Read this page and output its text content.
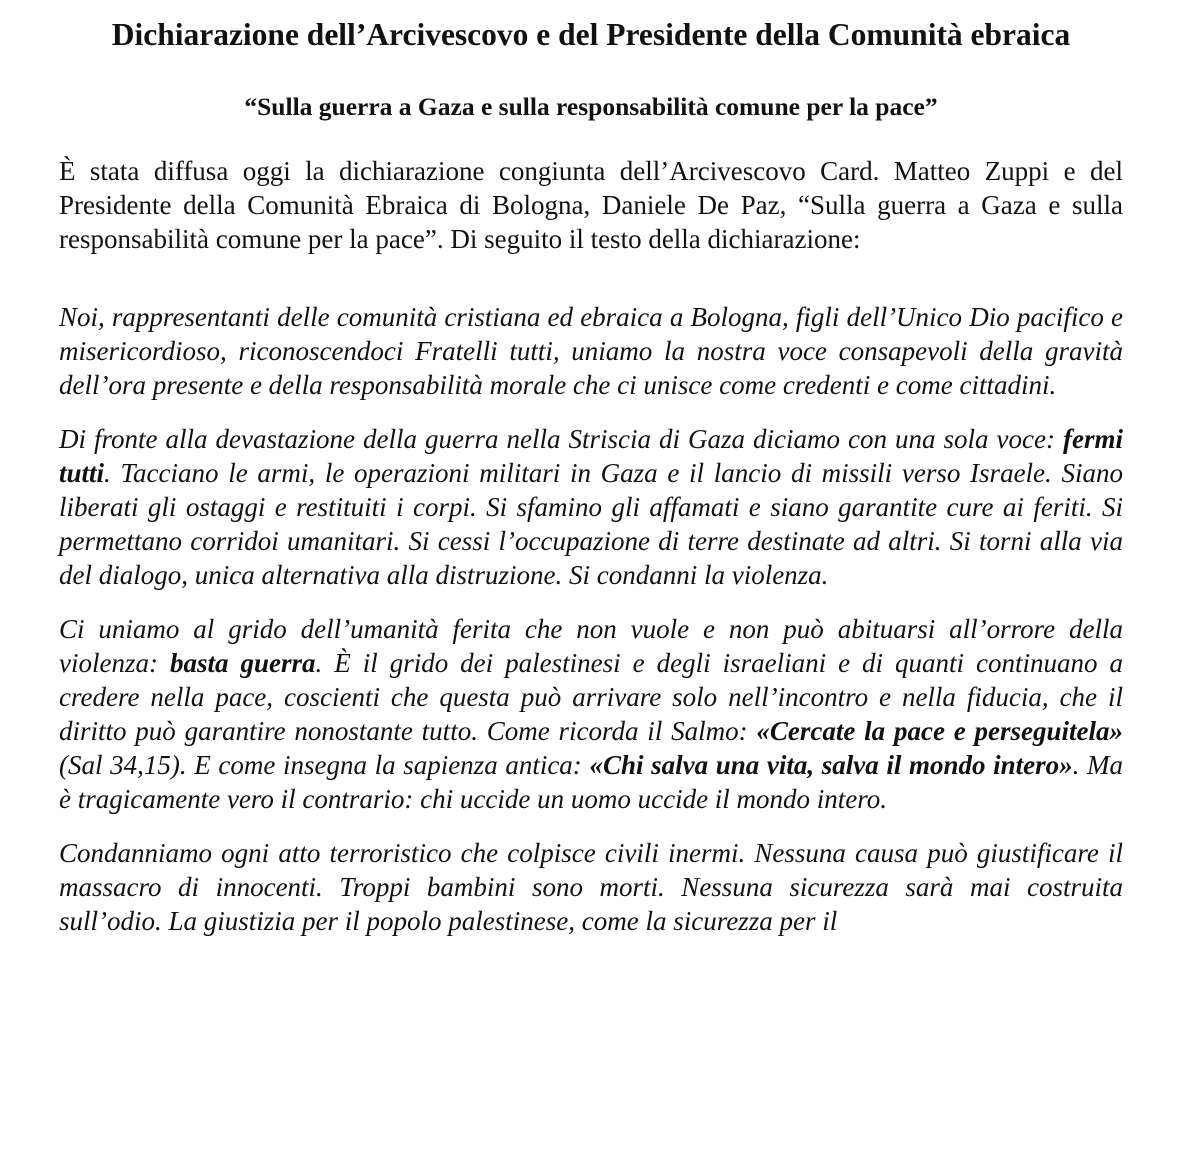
Dichiarazione dell’Arcivescovo e del Presidente della Comunità ebraica
“Sulla guerra a Gaza e sulla responsabilità comune per la pace”

È stata diffusa oggi la dichiarazione congiunta dell’Arcivescovo Card. Matteo Zuppi e del Presidente della Comunità Ebraica di Bologna, Daniele De Paz, “Sulla guerra a Gaza e sulla responsabilità comune per la pace”. Di seguito il testo della dichiarazione:

Noi, rappresentanti delle comunità cristiana ed ebraica a Bologna, figli dell’Unico Dio pacifico e misericordioso, riconoscendoci Fratelli tutti, uniamo la nostra voce consapevoli della gravità dell’ora presente e della responsabilità morale che ci unisce come credenti e come cittadini.

Di fronte alla devastazione della guerra nella Striscia di Gaza diciamo con una sola voce: fermi tutti. Tacciano le armi, le operazioni militari in Gaza e il lancio di missili verso Israele. Siano liberati gli ostaggi e restituiti i corpi. Si sfamino gli affamati e siano garantite cure ai feriti. Si permettano corridoi umanitari. Si cessi l’occupazione di terre destinate ad altri. Si torni alla via del dialogo, unica alternativa alla distruzione. Si condanni la violenza.

Ci uniamo al grido dell’umanità ferita che non vuole e non può abituarsi all’orrore della violenza: basta guerra. È il grido dei palestinesi e degli israeliani e di quanti continuano a credere nella pace, coscienti che questa può arrivare solo nell’incontro e nella fiducia, che il diritto può garantire nonostante tutto. Come ricorda il Salmo: «Cercate la pace e perseguitela» (Sal 34,15). E come insegna la sapienza antica: «Chi salva una vita, salva il mondo intero». Ma è tragicamente vero il contrario: chi uccide un uomo uccide il mondo intero.

Condanniamo ogni atto terroristico che colpisce civili inermi. Nessuna causa può giustificare il massacro di innocenti. Troppi bambini sono morti. Nessuna sicurezza sarà mai costruita sull’odio. La giustizia per il popolo palestinese, come la sicurezza per il
